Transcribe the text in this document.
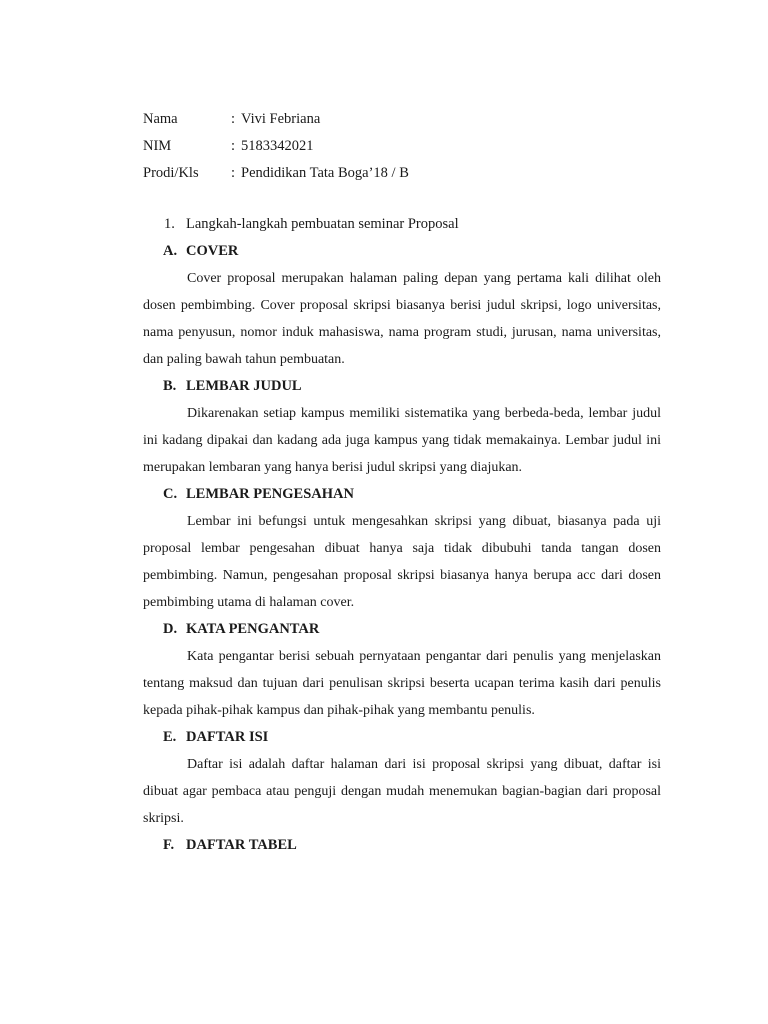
Nama	: Vivi Febriana
NIM	: 5183342021
Prodi/Kls	: Pendidikan Tata Boga’18 / B
1. Langkah-langkah pembuatan seminar Proposal
A. COVER

Cover proposal merupakan halaman paling depan yang pertama kali dilihat oleh dosen pembimbing. Cover proposal skripsi biasanya berisi judul skripsi, logo universitas, nama penyusun, nomor induk mahasiswa, nama program studi, jurusan, nama universitas, dan paling bawah tahun pembuatan.

B. LEMBAR JUDUL

Dikarenakan setiap kampus memiliki sistematika yang berbeda-beda, lembar judul ini kadang dipakai dan kadang ada juga kampus yang tidak memakainya. Lembar judul ini merupakan lembaran yang hanya berisi judul skripsi yang diajukan.

C. LEMBAR PENGESAHAN

Lembar ini befungsi untuk mengesahkan skripsi yang dibuat, biasanya pada uji proposal lembar pengesahan dibuat hanya saja tidak dibubuhi tanda tangan dosen pembimbing. Namun, pengesahan proposal skripsi biasanya hanya berupa acc dari dosen pembimbing utama di halaman cover.

D. KATA PENGANTAR

Kata pengantar berisi sebuah pernyataan pengantar dari penulis yang menjelaskan tentang maksud dan tujuan dari penulisan skripsi beserta ucapan terima kasih dari penulis kepada pihak-pihak kampus dan pihak-pihak yang membantu penulis.

E. DAFTAR ISI

Daftar isi adalah daftar halaman dari isi proposal skripsi yang dibuat, daftar isi dibuat agar pembaca atau penguji dengan mudah menemukan bagian-bagian dari proposal skripsi.

F. DAFTAR TABEL
